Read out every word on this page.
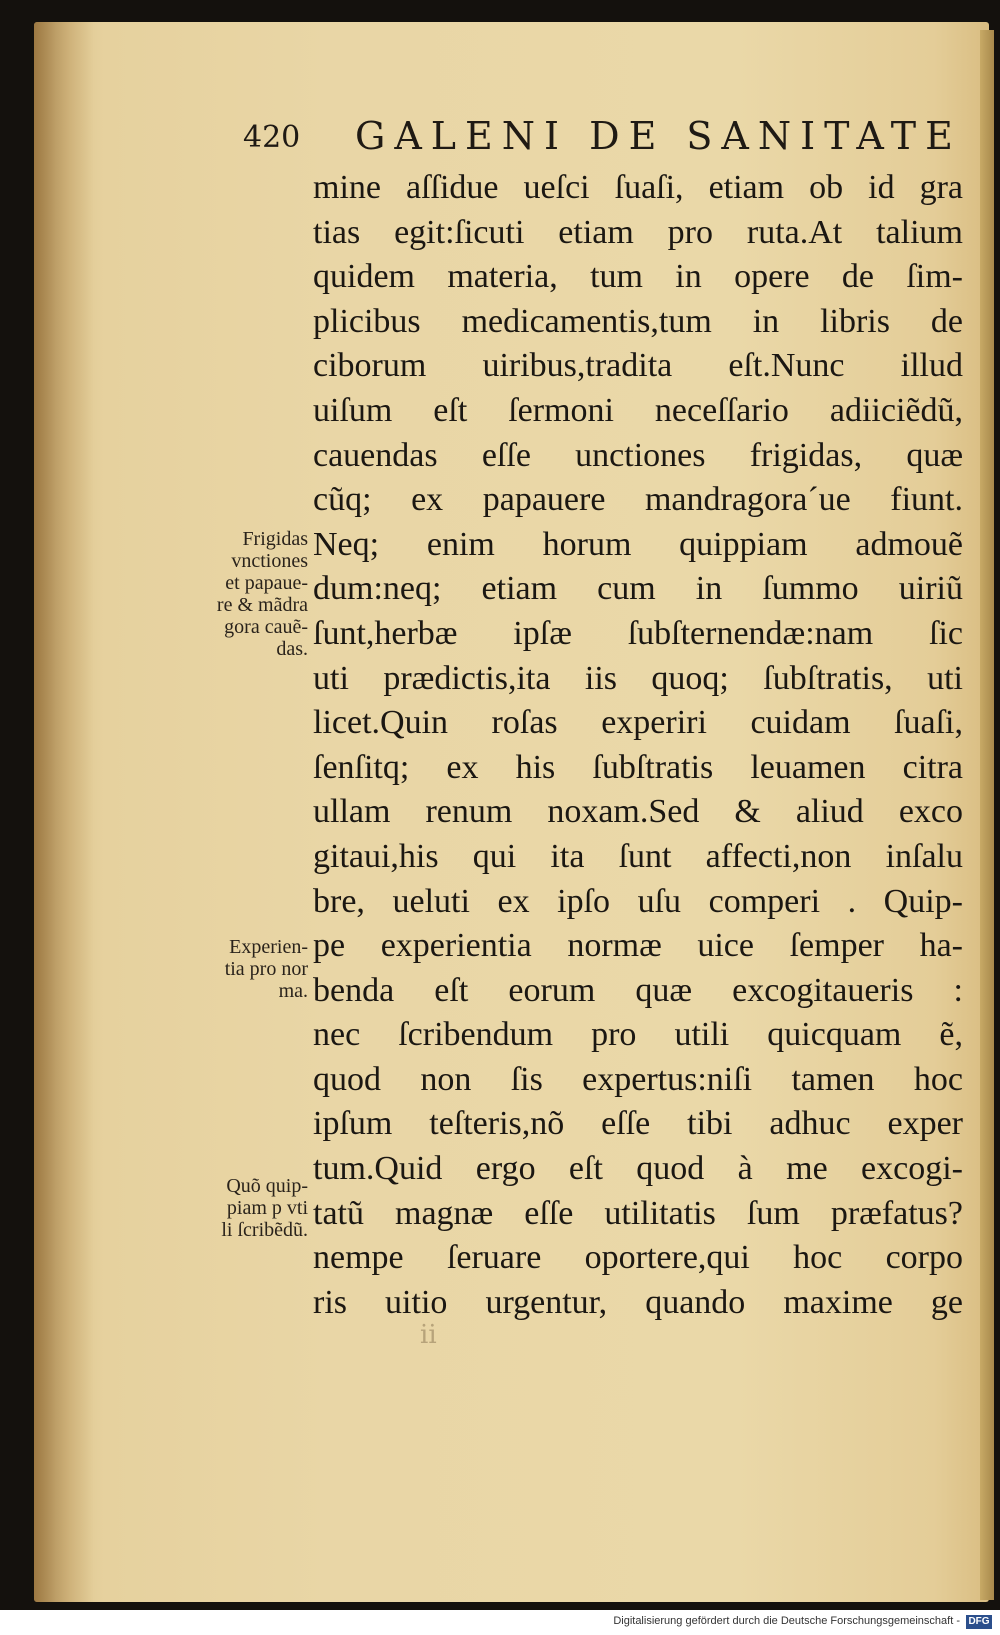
420 GALENI DE SANITATE
mine aſſidue ueſci ſuaſi, etiam ob id gra
tias egit:ſicuti etiam pro ruta.At talium
quidem materia, tum in opere de ſim-
plicibus medicamentis,tum in libris de
ciborum uiribus,tradita eſt.Nunc illud
uiſum eſt ſermoni neceſſario adiiciẽdũ,
cauendas eſſe unctiones frigidas, quæ
cũq; ex papauere mandragora´ue fiunt.
Neq; enim horum quippiam admouẽ
dum:neq; etiam cum in ſummo uiriũ
ſunt,herbæ ipſæ ſubſternendæ:nam ſic
uti prædictis,ita iis quoq; ſubſtratis, uti
licet.Quin roſas experiri cuidam ſuaſi,
ſenſitq; ex his ſubſtratis leuamen citra
ullam renum noxam.Sed & aliud exco
gitaui,his qui ita ſunt affecti,non inſalu
bre, ueluti ex ipſo uſu comperi . Quip-
pe experientia normæ uice ſemper ha-
benda eſt eorum quæ excogitaueris :
nec ſcribendum pro utili quicquam ẽ,
quod non ſis expertus:niſi tamen hoc
ipſum teſteris,nõ eſſe tibi adhuc exper
tum.Quid ergo eſt quod à me excogi-
tatũ magnæ eſſe utilitatis ſum præfatus?
nempe ſeruare oportere,qui hoc corpo
ris uitio urgentur, quando maxime ge
Frigidas
vnctiones
et papaue-
re & mãdra
gora cauẽ-
das.
Experien-
tia pro nor
ma.
Quõ quip-
piam p vti
li ſcribẽdũ.
ii
Digitalisierung gefördert durch die Deutsche Forschungsgemeinschaft - DFG
